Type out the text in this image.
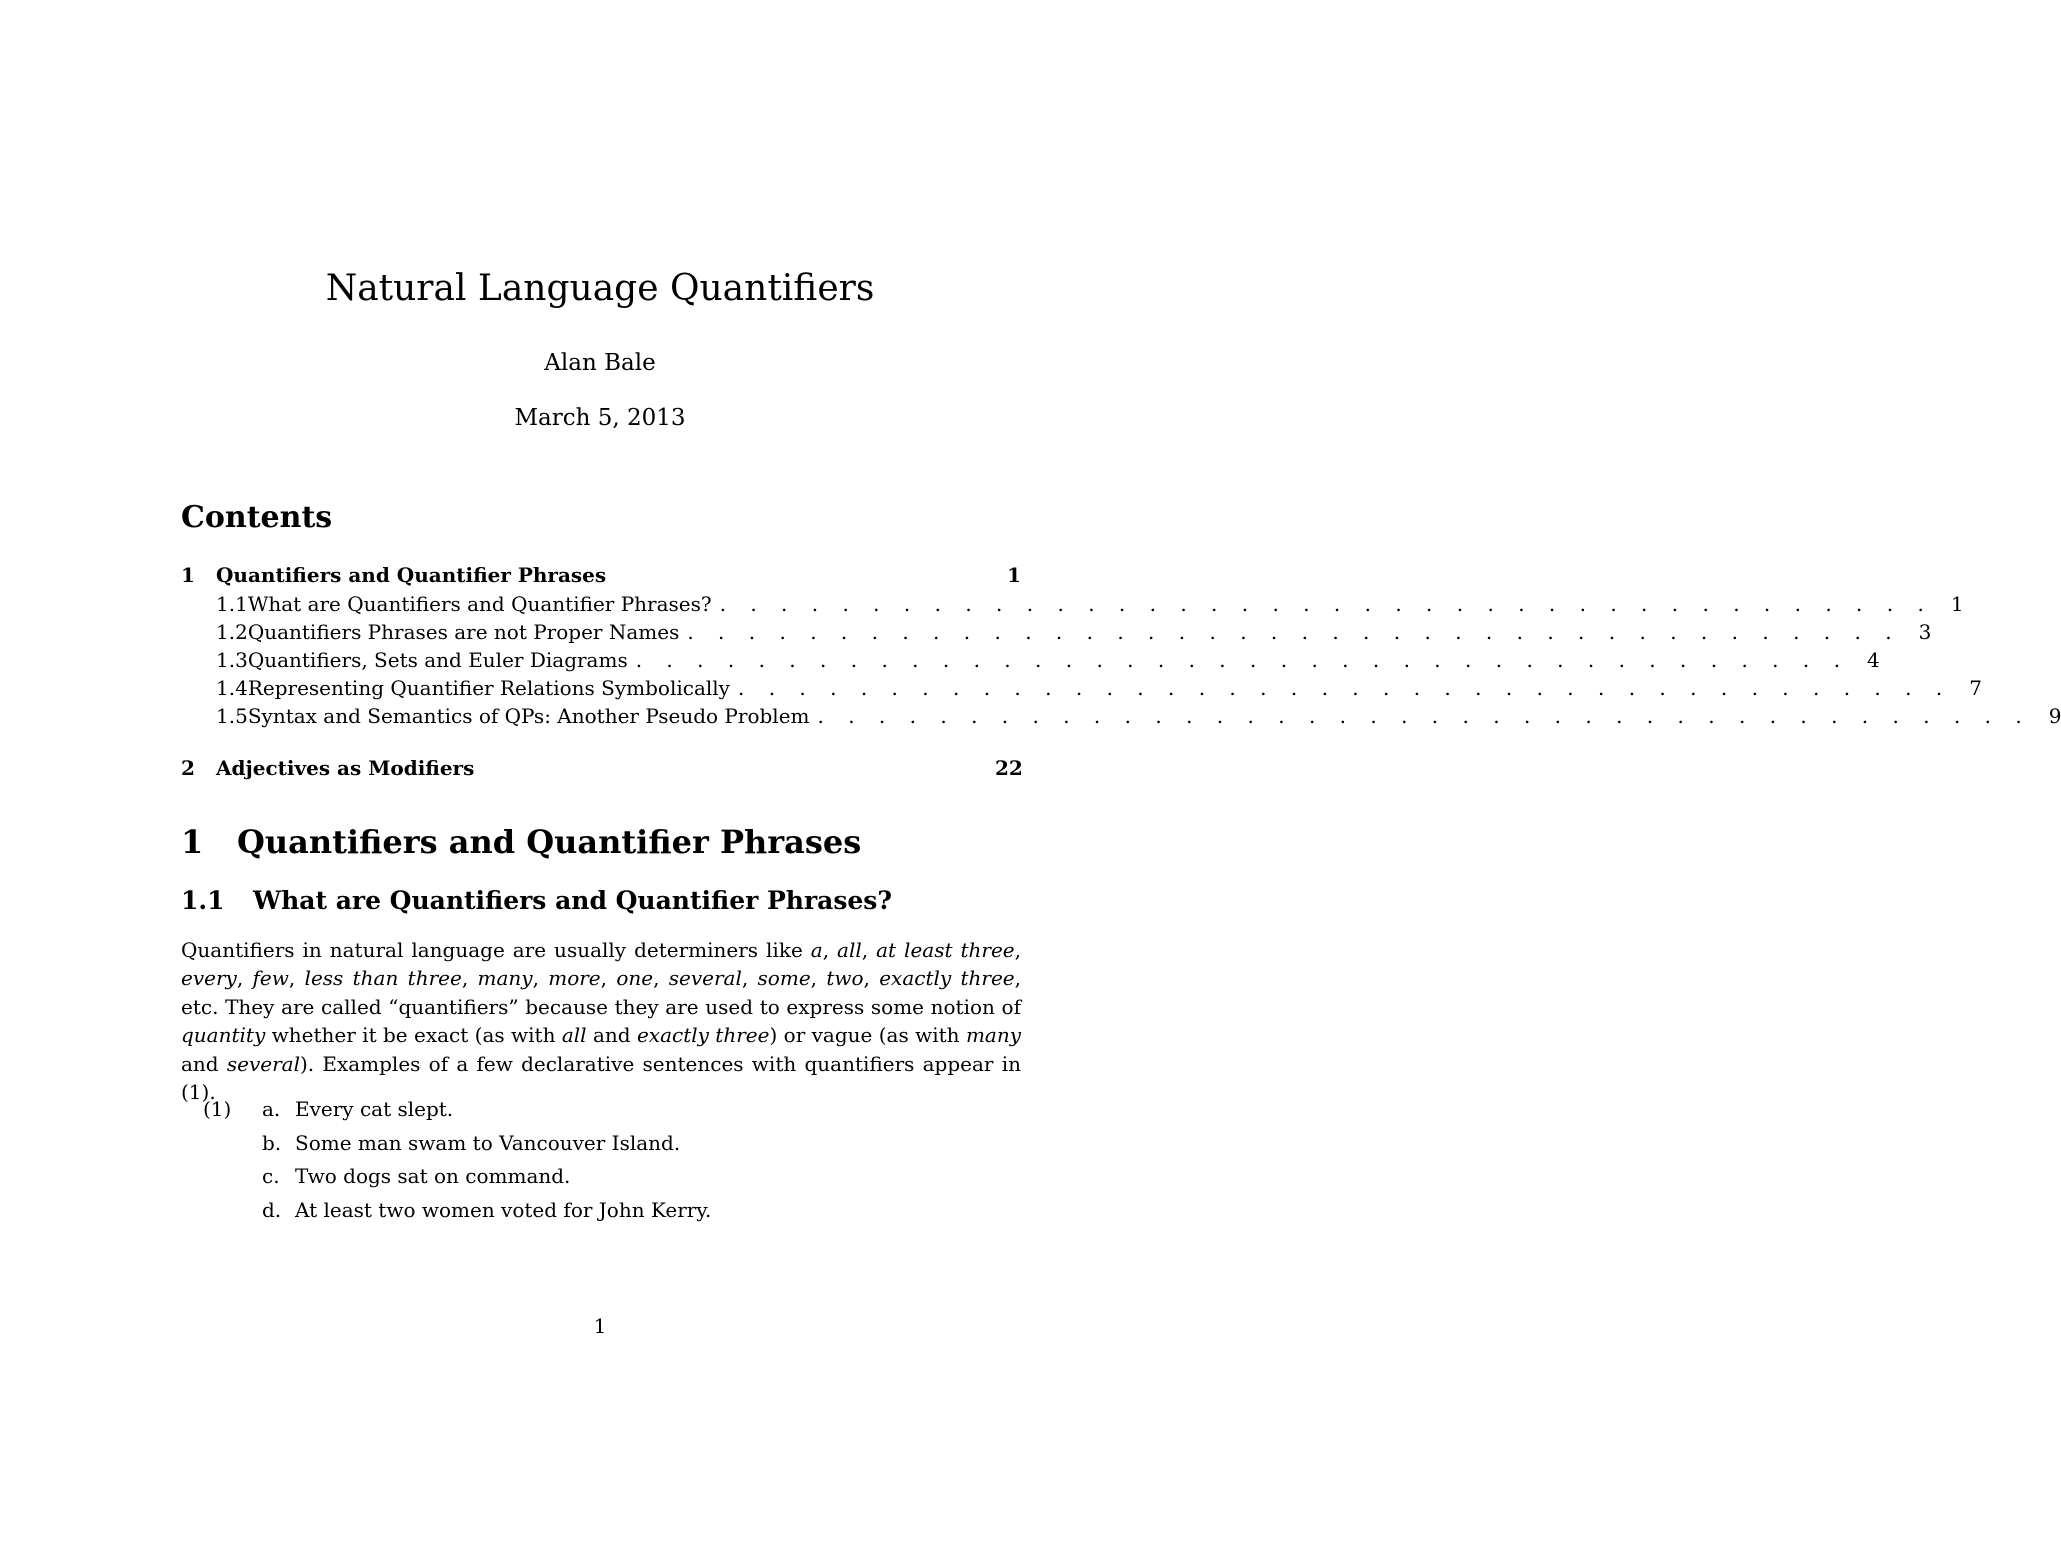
Natural Language Quantifiers
Alan Bale
March 5, 2013
Contents
1	Quantifiers and Quantifier Phrases	1
1.1 What are Quantifiers and Quantifier Phrases? . . . . . . . . . . . . . . . . . . . . . . . . . . . . . . . . . . . . . . . . 1
1.2 Quantifiers Phrases are not Proper Names . . . . . . . . . . . . . . . . . . . . . . . . . . . . . . . . . . . . . . . . 3
1.3 Quantifiers, Sets and Euler Diagrams . . . . . . . . . . . . . . . . . . . . . . . . . . . . . . . . . . . . . . . . 4
1.4 Representing Quantifier Relations Symbolically . . . . . . . . . . . . . . . . . . . . . . . . . . . . . . . . . . . . . . . . 7
1.5 Syntax and Semantics of QPs: Another Pseudo Problem . . . . . . . . . . . . . . . . . . . . . . . . . . . . . . . . . . . . . . . . 9
2	Adjectives as Modifiers	22
1 Quantifiers and Quantifier Phrases
1.1 What are Quantifiers and Quantifier Phrases?

Quantifiers in natural language are usually determiners like a, all, at least three, every, few, less than three, many, more, one, several, some, two, exactly three, etc. They are called “quantifiers” because they are used to express some notion of quantity whether it be exact (as with all and exactly three) or vague (as with many and several). Examples of a few declarative sentences with quantifiers appear in (1).

(1) a. Every cat slept.
b. Some man swam to Vancouver Island.
c. Two dogs sat on command.
d. At least two women voted for John Kerry.
1
